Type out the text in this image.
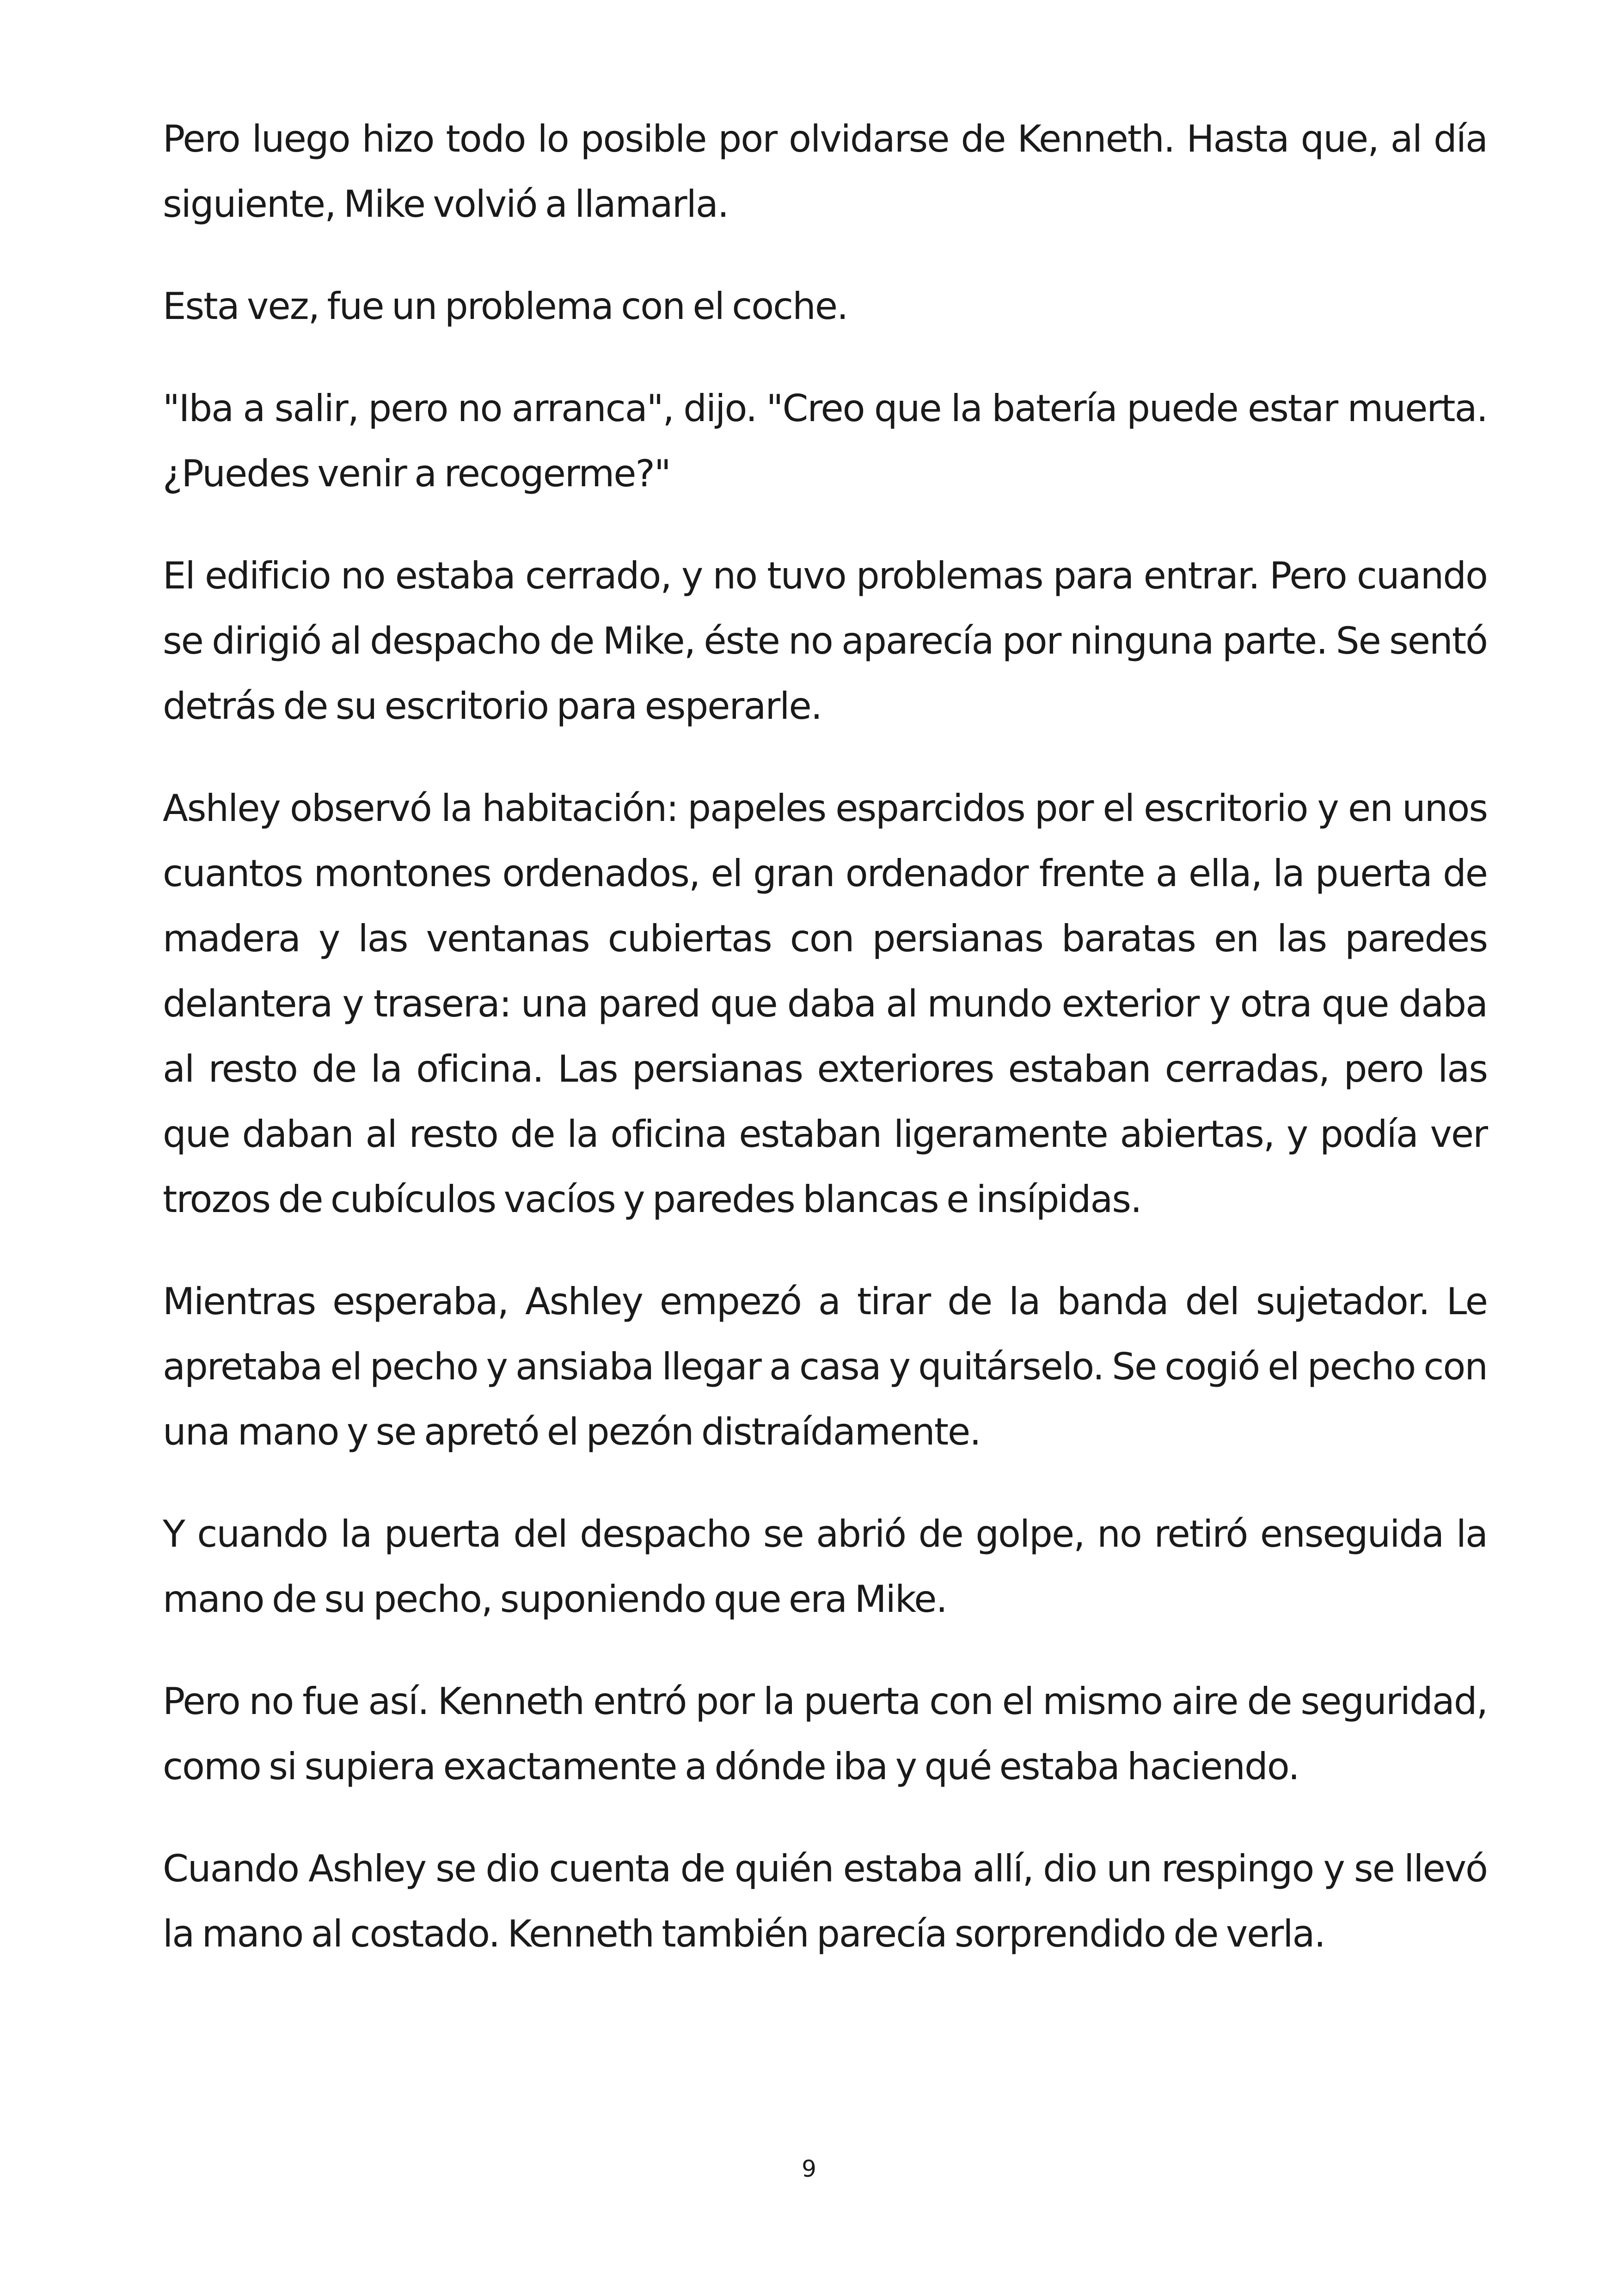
Pero luego hizo todo lo posible por olvidarse de Kenneth. Hasta que, al día siguiente, Mike volvió a llamarla.

Esta vez, fue un problema con el coche.

"Iba a salir, pero no arranca", dijo. "Creo que la batería puede estar muerta. ¿Puedes venir a recogerme?"

El edificio no estaba cerrado, y no tuvo problemas para entrar. Pero cuando se dirigió al despacho de Mike, éste no aparecía por ninguna parte. Se sentó detrás de su escritorio para esperarle.

Ashley observó la habitación: papeles esparcidos por el escritorio y en unos cuantos montones ordenados, el gran ordenador frente a ella, la puerta de madera y las ventanas cubiertas con persianas baratas en las paredes delantera y trasera: una pared que daba al mundo exterior y otra que daba al resto de la oficina. Las persianas exteriores estaban cerradas, pero las que daban al resto de la oficina estaban ligeramente abiertas, y podía ver trozos de cubículos vacíos y paredes blancas e insípidas.

Mientras esperaba, Ashley empezó a tirar de la banda del sujetador. Le apretaba el pecho y ansiaba llegar a casa y quitárselo. Se cogió el pecho con una mano y se apretó el pezón distraídamente.

Y cuando la puerta del despacho se abrió de golpe, no retiró enseguida la mano de su pecho, suponiendo que era Mike.

Pero no fue así. Kenneth entró por la puerta con el mismo aire de seguridad, como si supiera exactamente a dónde iba y qué estaba haciendo.

Cuando Ashley se dio cuenta de quién estaba allí, dio un respingo y se llevó la mano al costado. Kenneth también parecía sorprendido de verla.

9
